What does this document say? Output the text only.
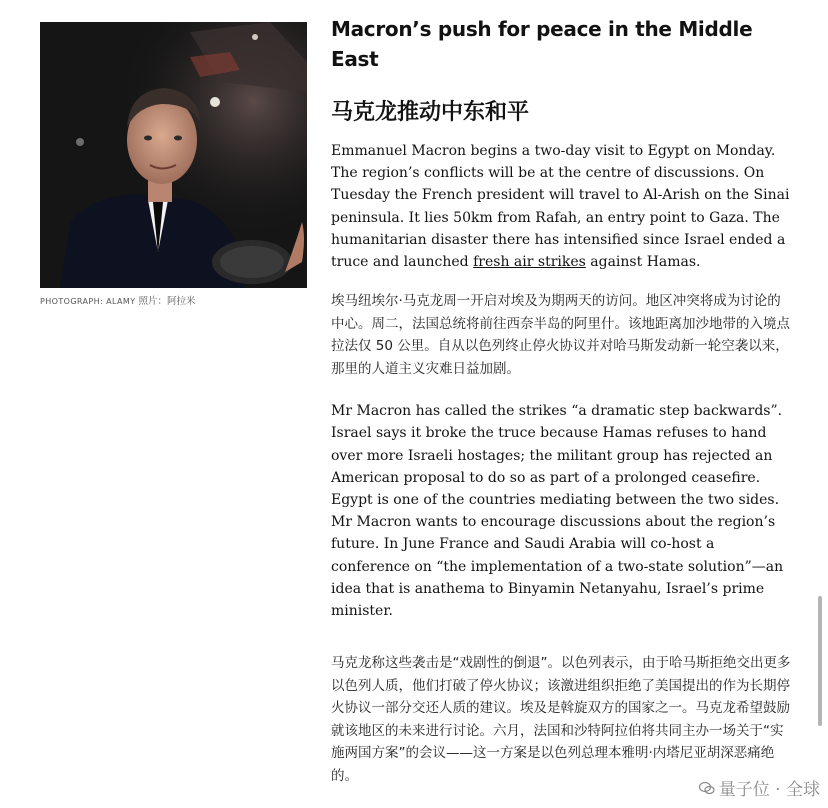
PHOTOGRAPH: ALAMY 照片：阿拉米
Macron’s push for peace in the Middle East
马克龙推动中东和平

Emmanuel Macron begins a two-day visit to Egypt on Monday. The region’s conflicts will be at the centre of discussions. On Tuesday the French president will travel to Al-Arish on the Sinai peninsula. It lies 50km from Rafah, an entry point to Gaza. The humanitarian disaster there has intensified since Israel ended a truce and launched fresh air strikes against Hamas.

埃马纽埃尔·马克龙周一开启对埃及为期两天的访问。地区冲突将成为讨论的中心。周二，法国总统将前往西奈半岛的阿里什。该地距离加沙地带的入境点拉法仅 50 公里。自从以色列终止停火协议并对哈马斯发动新一轮空袭以来，那里的人道主义灾难日益加剧。

Mr Macron has called the strikes “a dramatic step backwards”. Israel says it broke the truce because Hamas refuses to hand over more Israeli hostages; the militant group has rejected an American proposal to do so as part of a prolonged ceasefire. Egypt is one of the countries mediating between the two sides. Mr Macron wants to encourage discussions about the region’s future. In June France and Saudi Arabia will co-host a conference on “the implementation of a two-state solution”—an idea that is anathema to Binyamin Netanyahu, Israel’s prime minister.

马克龙称这些袭击是“戏剧性的倒退”。以色列表示，由于哈马斯拒绝交出更多以色列人质，他们打破了停火协议；该激进组织拒绝了美国提出的作为长期停火协议一部分交还人质的建议。埃及是斡旋双方的国家之一。马克龙希望鼓励就该地区的未来进行讨论。六月，法国和沙特阿拉伯将共同主办一场关于“实施两国方案”的会议——这一方案是以色列总理本雅明·内塔尼亚胡深恶痛绝的。

量子位 · 全球
